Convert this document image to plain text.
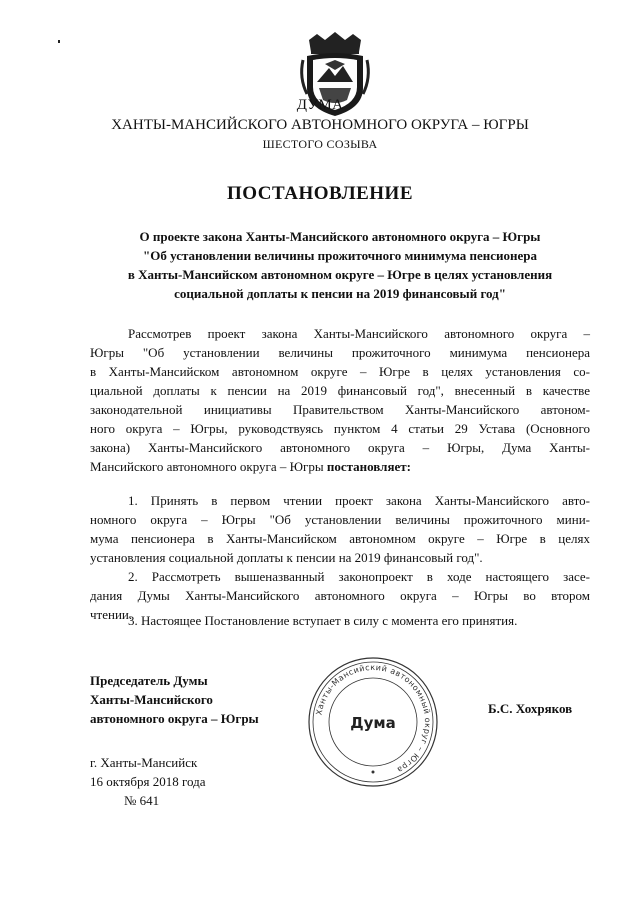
ДУМА
ХАНТЫ-МАНСИЙСКОГО АВТОНОМНОГО ОКРУГА – ЮГРЫ
ШЕСТОГО СОЗЫВА
ПОСТАНОВЛЕНИЕ
О проекте закона Ханты-Мансийского автономного округа – Югры
"Об установлении величины прожиточного минимума пенсионера
в Ханты-Мансийском автономном округе – Югре в целях установления
социальной доплаты к пенсии на 2019 финансовый год"
Рассмотрев проект закона Ханты-Мансийского автономного округа –
Югры "Об установлении величины прожиточного минимума пенсионера
в Ханты-Мансийском автономном округе – Югре в целях установления со-
циальной доплаты к пенсии на 2019 финансовый год", внесенный в качестве
законодательной инициативы Правительством Ханты-Мансийского автоном-
ного округа – Югры, руководствуясь пунктом 4 статьи 29 Устава (Основного
закона) Ханты-Мансийского автономного округа – Югры, Дума Ханты-
Мансийского автономного округа – Югры постановляет:
1. Принять в первом чтении проект закона Ханты-Мансийского авто-
номного округа – Югры "Об установлении величины прожиточного мини-
мума пенсионера в Ханты-Мансийском автономном округе – Югре в целях
установления социальной доплаты к пенсии на 2019 финансовый год".
2. Рассмотреть вышеназванный законопроект в ходе настоящего засе-
дания Думы Ханты-Мансийского автономного округа – Югры во втором
чтении.
3. Настоящее Постановление вступает в силу с момента его принятия.
Председатель Думы
Ханты-Мансийского
автономного округа – Югры	Ханты-Мансийский автономный округ – Югра
Дума
Б.С. Хохряков
г. Ханты-Мансийск
16 октября 2018 года
№ 641
